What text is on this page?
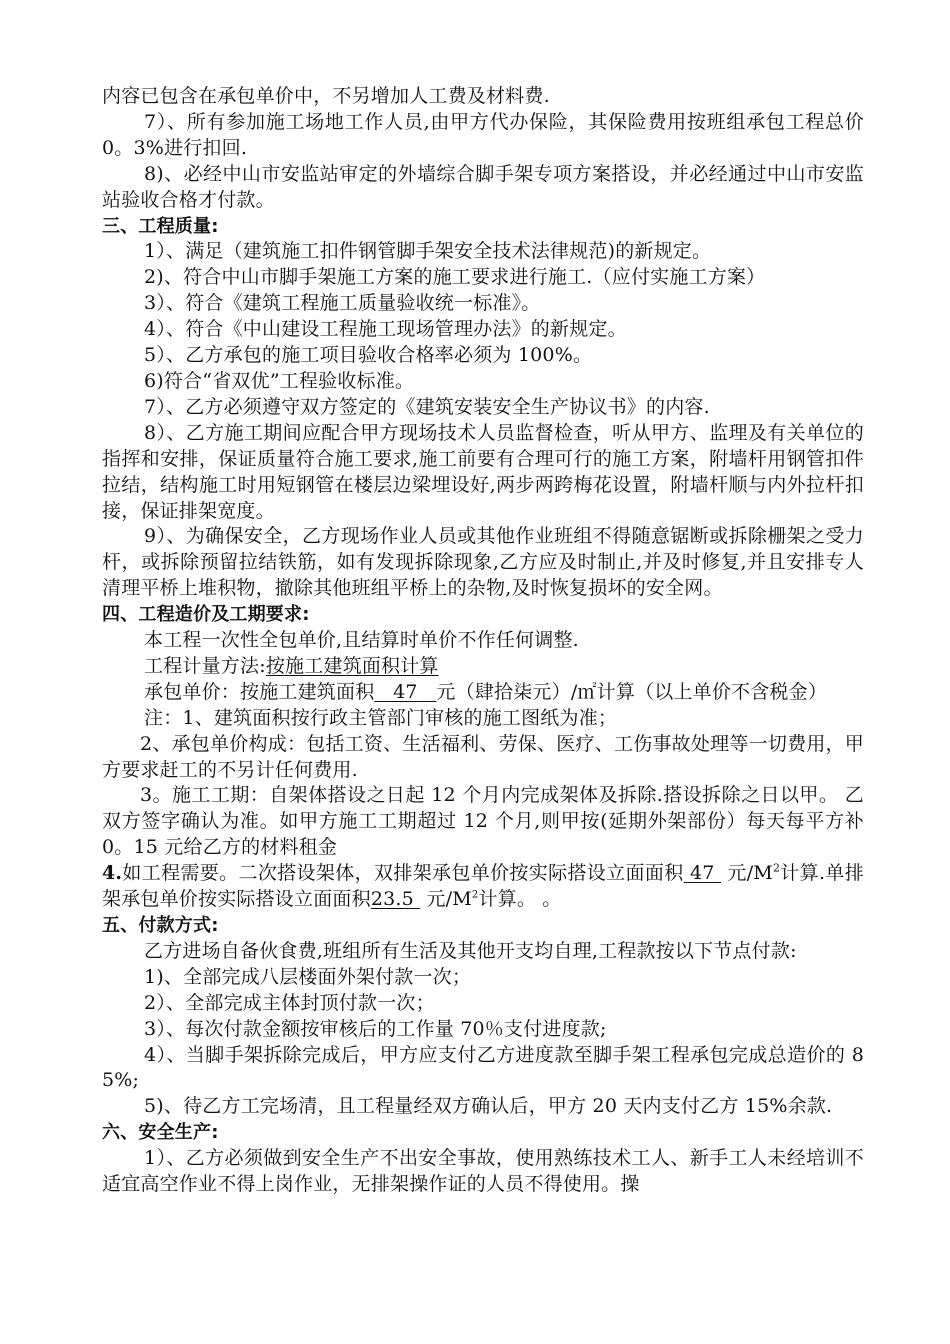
内容已包含在承包单价中，不另增加人工费及材料费.

7）、所有参加施工场地工作人员,由甲方代办保险，其保险费用按班组承包工程总价 0。3%进行扣回.

8)、必经中山市安监站审定的外墙综合脚手架专项方案搭设，并必经通过中山市安监站验收合格才付款。

三、工程质量:

1）、满足（建筑施工扣件钢管脚手架安全技术法律规范)的新规定。

2)、符合中山市脚手架施工方案的施工要求进行施工.（应付实施工方案）

3）、符合《建筑工程施工质量验收统一标准》。

4）、符合《中山建设工程施工现场管理办法》的新规定。

5）、乙方承包的施工项目验收合格率必须为 100%。

6)符合“省双优”工程验收标准。

7）、乙方必须遵守双方签定的《建筑安装安全生产协议书》的内容.

8）、乙方施工期间应配合甲方现场技术人员监督检查，听从甲方、监理及有关单位的指挥和安排，保证质量符合施工要求,施工前要有合理可行的施工方案，附墙杆用钢管扣件拉结，结构施工时用短钢管在楼层边梁埋设好,两步两跨梅花设置，附墙杆顺与内外拉杆扣接，保证排架宽度。

9）、为确保安全，乙方现场作业人员或其他作业班组不得随意锯断或拆除栅架之受力杆，或拆除预留拉结铁筋，如有发现拆除现象,乙方应及时制止,并及时修复,并且安排专人清理平桥上堆积物，撤除其他班组平桥上的杂物,及时恢复损坏的安全网。

四、工程造价及工期要求:

本工程一次性全包单价,且结算时单价不作任何调整.

工程计量方法:按施工建筑面积计算

承包单价：按施工建筑面积 47 元（肆拾柒元）/㎡计算（以上单价不含税金）

注：1、建筑面积按行政主管部门审核的施工图纸为准；

2、承包单价构成：包括工资、生活福利、劳保、医疗、工伤事故处理等一切费用，甲方要求赶工的不另计任何费用.

3。施工工期：自架体搭设之日起 12 个月内完成架体及拆除.搭设拆除之日以甲。 乙双方签字确认为准。如甲方施工工期超过 12 个月,则甲按(延期外架部份）每天每平方补 0。15 元给乙方的材料租金

4.如工程需要。二次搭设架体，双排架承包单价按实际搭设立面面积 47 元$/M^2$计算.单排架承包单价按实际搭设立面面积23.5 元$/M^2$计算。 。

五、付款方式:

乙方进场自备伙食费,班组所有生活及其他开支均自理,工程款按以下节点付款:

1)、全部完成八层楼面外架付款一次；

2）、全部完成主体封顶付款一次；

3）、每次付款金额按审核后的工作量 70％支付进度款;

4）、当脚手架拆除完成后，甲方应支付乙方进度款至脚手架工程承包完成总造价的 85%;

5)、待乙方工完场清，且工程量经双方确认后，甲方 20 天内支付乙方 15%余款.

六、安全生产:

1）、乙方必须做到安全生产不出安全事故，使用熟练技术工人、新手工人未经培训不适宜高空作业不得上岗作业，无排架操作证的人员不得使用。操
